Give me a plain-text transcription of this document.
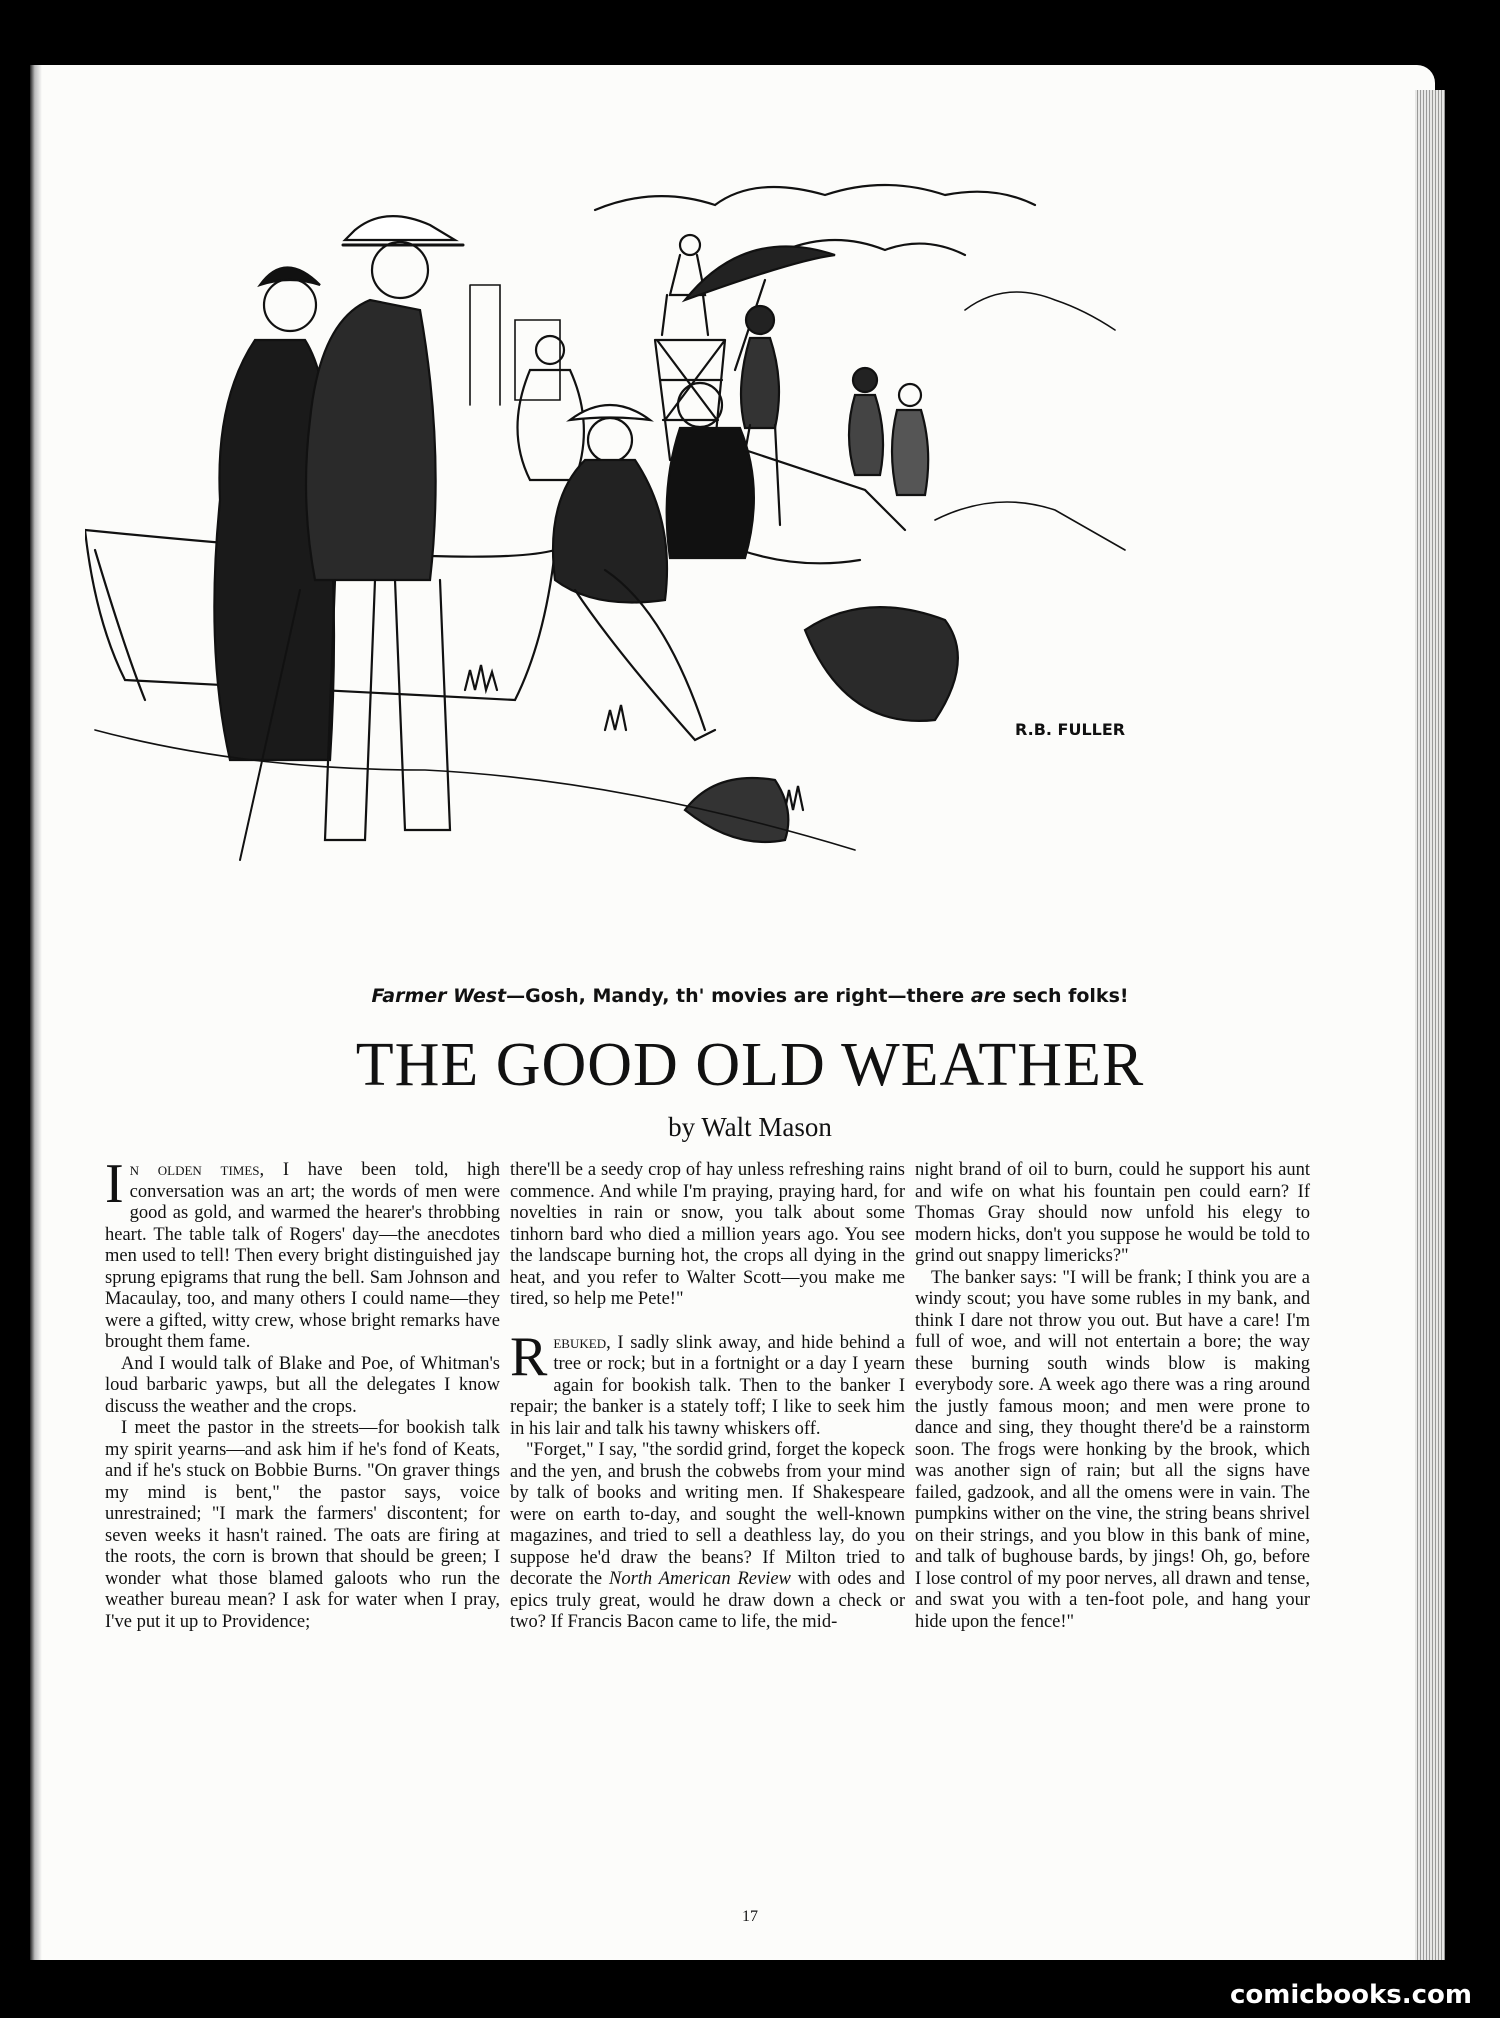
R.B. FULLER
Farmer West—Gosh, Mandy, th' movies are right—there are sech folks!
THE GOOD OLD WEATHER
by Walt Mason

In olden times, I have been told, high conversation was an art; the words of men were good as gold, and warmed the hearer's throbbing heart. The table talk of Rogers' day—the anecdotes men used to tell! Then every bright distinguished jay sprung epigrams that rung the bell. Sam Johnson and Macaulay, too, and many others I could name—they were a gifted, witty crew, whose bright remarks have brought them fame.

And I would talk of Blake and Poe, of Whitman's loud barbaric yawps, but all the delegates I know discuss the weather and the crops.

I meet the pastor in the streets—for bookish talk my spirit yearns—and ask him if he's fond of Keats, and if he's stuck on Bobbie Burns. "On graver things my mind is bent," the pastor says, voice unrestrained; "I mark the farmers' discontent; for seven weeks it hasn't rained. The oats are firing at the roots, the corn is brown that should be green; I wonder what those blamed galoots who run the weather bureau mean? I ask for water when I pray, I've put it up to Providence;

there'll be a seedy crop of hay unless refreshing rains commence. And while I'm praying, praying hard, for novelties in rain or snow, you talk about some tinhorn bard who died a million years ago. You see the landscape burning hot, the crops all dying in the heat, and you refer to Walter Scott—you make me tired, so help me Pete!"

Rebuked, I sadly slink away, and hide behind a tree or rock; but in a fortnight or a day I yearn again for bookish talk. Then to the banker I repair; the banker is a stately toff; I like to seek him in his lair and talk his tawny whiskers off.

"Forget," I say, "the sordid grind, forget the kopeck and the yen, and brush the cobwebs from your mind by talk of books and writing men. If Shakespeare were on earth to-day, and sought the well-known magazines, and tried to sell a deathless lay, do you suppose he'd draw the beans? If Milton tried to decorate the North American Review with odes and epics truly great, would he draw down a check or two? If Francis Bacon came to life, the mid-

night brand of oil to burn, could he support his aunt and wife on what his fountain pen could earn? If Thomas Gray should now unfold his elegy to modern hicks, don't you suppose he would be told to grind out snappy limericks?"

The banker says: "I will be frank; I think you are a windy scout; you have some rubles in my bank, and think I dare not throw you out. But have a care! I'm full of woe, and will not entertain a bore; the way these burning south winds blow is making everybody sore. A week ago there was a ring around the justly famous moon; and men were prone to dance and sing, they thought there'd be a rainstorm soon. The frogs were honking by the brook, which was another sign of rain; but all the signs have failed, gadzook, and all the omens were in vain. The pumpkins wither on the vine, the string beans shrivel on their strings, and you blow in this bank of mine, and talk of bughouse bards, by jings! Oh, go, before I lose control of my poor nerves, all drawn and tense, and swat you with a ten-foot pole, and hang your hide upon the fence!"

17
comicbooks.com
